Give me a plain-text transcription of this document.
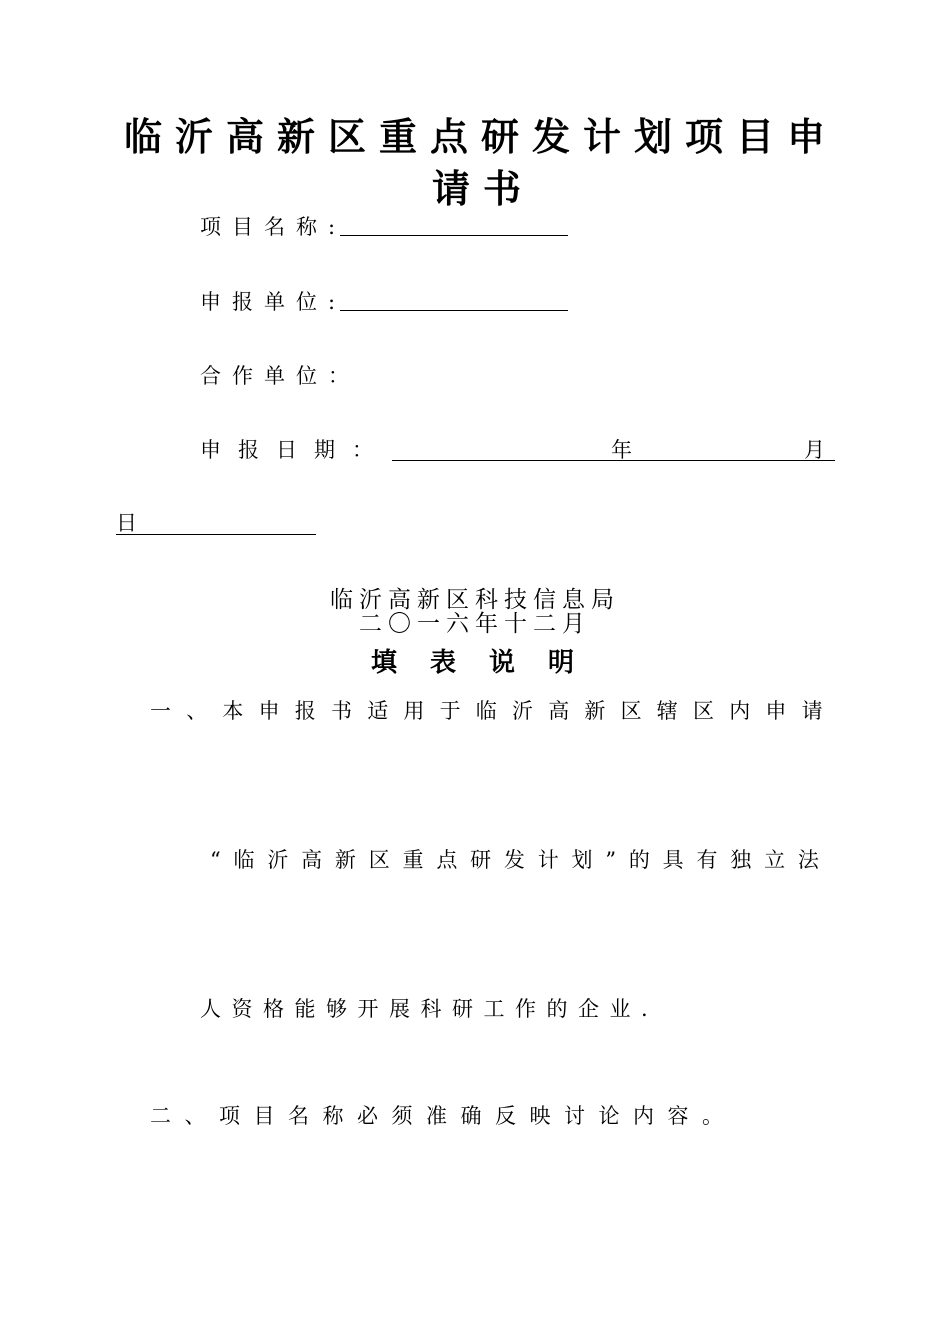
临沂高新区重点研发计划项目申
请书
项目名称:
申报单位:
合作单位：
申报日期：	年	月
日
临沂高新区科技信息局
二〇一六年十二月
填表说明
一、本申报书适用于临沂高新区辖区内申请
“临沂高新区重点研发计划”的具有独立法
人资格能够开展科研工作的企业.
二、项目名称必须准确反映讨论内容。
